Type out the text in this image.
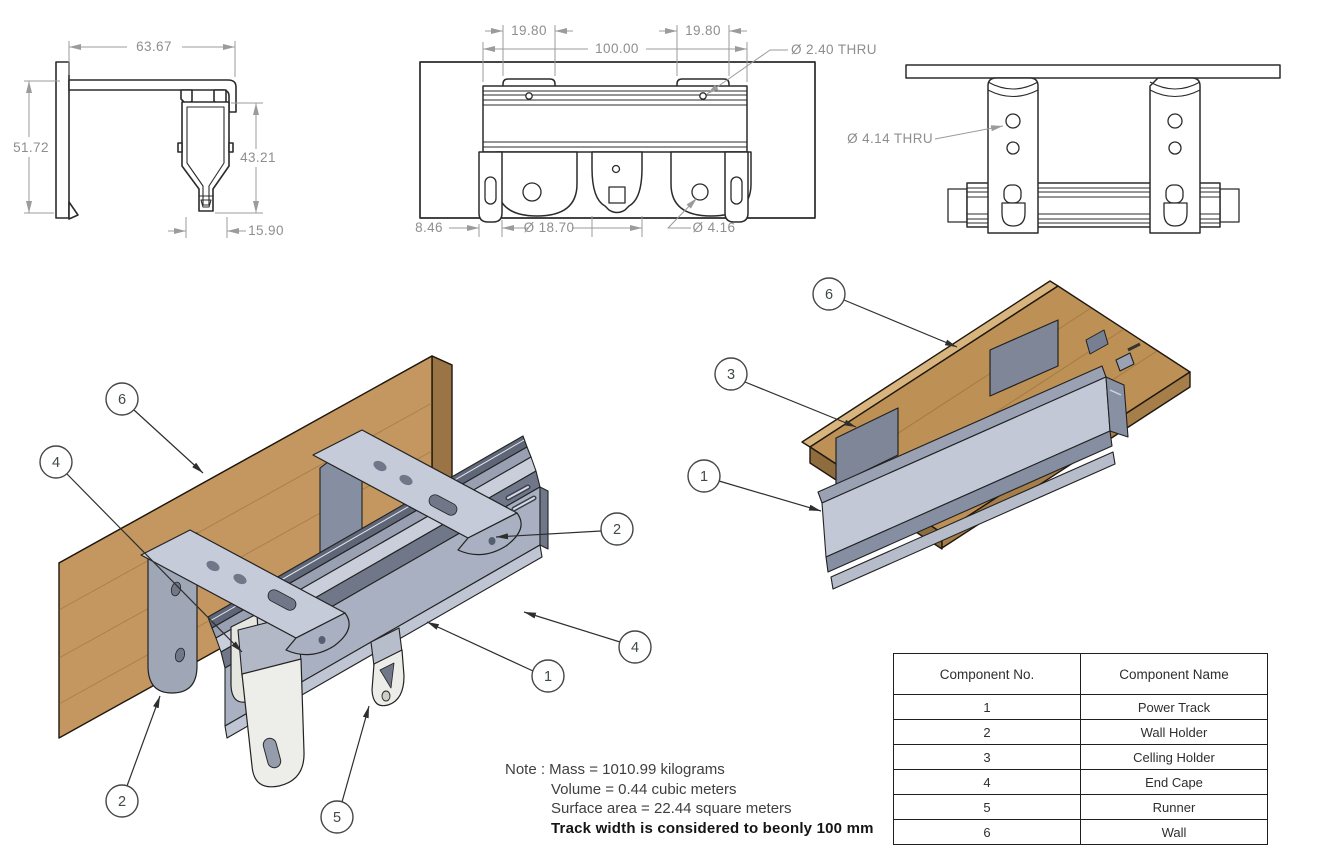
63.67
51.72
43.21
15.90
19.80	19.80
100.00	Ø 2.40 THRU
8.46	Ø 18.70	Ø 4.16
Ø 4.14 THRU
6
4
2
4
1
2
5
6
3
1
Note : Mass = 1010.99 kilograms
Volume = 0.44 cubic meters
Surface area = 22.44 square meters
Track width is considered to beonly 100 mm
Component No.	Component Name
1	Power Track
2	Wall Holder
3	Celling Holder
4	End Cape
5	Runner
6	Wall
